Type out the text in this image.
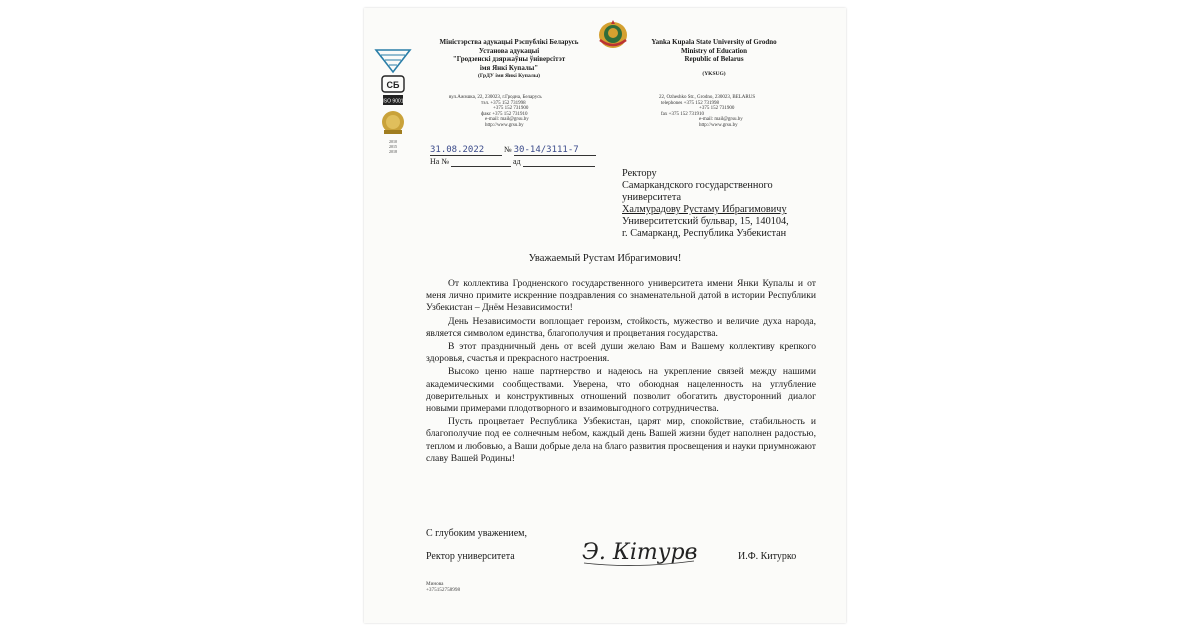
СБ
ISO 9001
2010
2015
2018
Міністэрства адукацыі Рэспублікі Беларусь
Установа адукацыі
"Гродзенскі дзяржаўны ўніверсітэт
імя Янкі Купалы"
(ГрДУ імя Янкі Купалы)
вул.Ажэшка, 22, 230023, г.Гродна, Беларусь
тэл. +375 152 731998
+375 152 731900
факс +375 152 731910
e-mail: mail@grsu.by
http://www.grsu.by
Yanka Kupala State University of Grodno
Ministry of Education
Republic of Belarus
(YKSUG)
22, Ozheshko Str., Grodno, 230023, BELARUS
telephones +375 152 731998
+375 152 731900
fax +375 152 731910
e-mail: mail@grsu.by
http://www.grsu.by
31.08.2022 № 30-14/3111-7
На №	ад
Ректору
Самаркандского государственного
университета
Халмурадову Рустаму Ибрагимовичу
Университетский бульвар, 15, 140104,
г. Самарканд, Республика Узбекистан
Уважаемый Рустам Ибрагимович!

От коллектива Гродненского государственного университета имени Янки Купалы и от меня лично примите искренние поздравления со знаменательной датой в истории Республики Узбекистан – Днём Независимости!

День Независимости воплощает героизм, стойкость, мужество и величие духа народа, является символом единства, благополучия и процветания государства.

В этот праздничный день от всей души желаю Вам и Вашему коллективу крепкого здоровья, счастья и прекрасного настроения.

Высоко ценю наше партнерство и надеюсь на укрепление связей между нашими академическими сообществами. Уверена, что обоюдная нацеленность на углубление доверительных и конструктивных отношений позволит обогатить двусторонний диалог новыми примерами плодотворного и взаимовыгодного сотрудничества.

Пусть процветает Республика Узбекистан, царят мир, спокойствие, стабильность и благополучие под ее солнечным небом, каждый день Вашей жизни будет наполнен радостью, теплом и любовью, а Ваши добрые дела на благо развития просвещения и науки приумножают славу Вашей Родины!

С глубоким уважением,
Ректор университета	Э. Кітурв	И.Ф. Китурко
Минова
+375152758998
